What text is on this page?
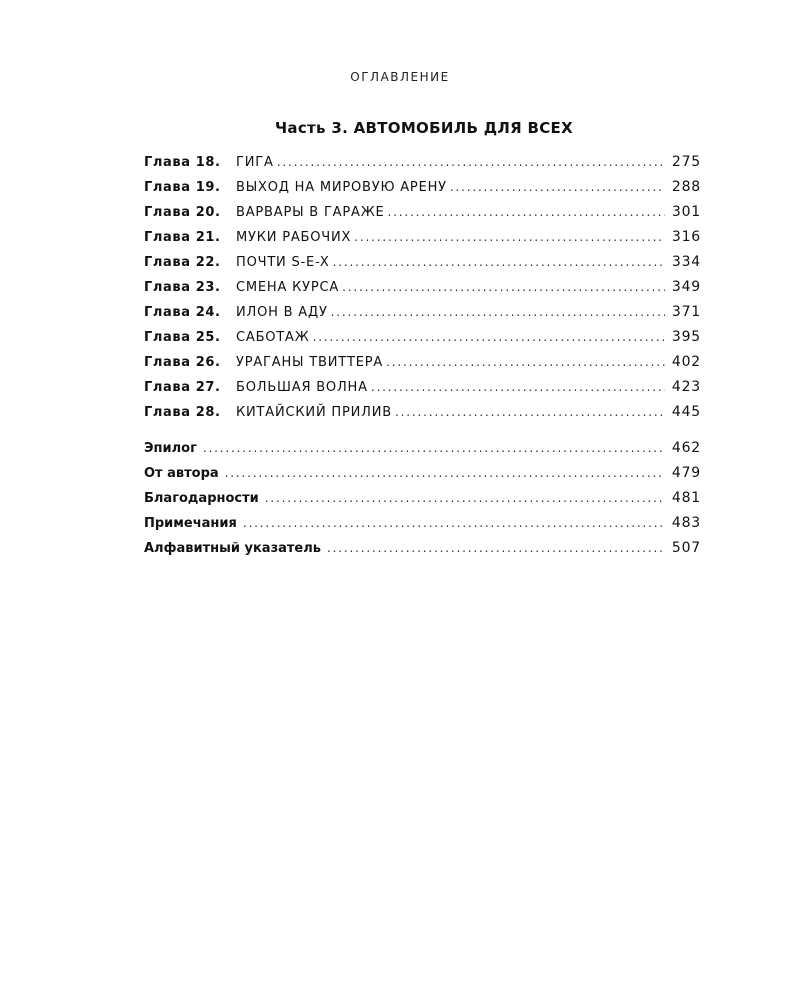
ОГЛАВЛЕНИЕ
Часть 3. АВТОМОБИЛЬ ДЛЯ ВСЕХ
Глава 18.	ГИГА . . .	275
Глава 19.	ВЫХОД НА МИРОВУЮ АРЕНУ . . .	288
Глава 20.	ВАРВАРЫ В ГАРАЖЕ . . .	301
Глава 21.	МУКИ РАБОЧИХ . . .	316
Глава 22.	ПОЧТИ S-E-X . . .	334
Глава 23.	СМЕНА КУРСА . . .	349
Глава 24.	ИЛОН В АДУ . . .	371
Глава 25.	САБОТАЖ . . .	395
Глава 26.	УРАГАНЫ ТВИТТЕРА . . .	402
Глава 27.	БОЛЬШАЯ ВОЛНА . . .	423
Глава 28.	КИТАЙСКИЙ ПРИЛИВ . . .	445
Эпилог . . .	462
От автора . . .	479
Благодарности . . .	481
Примечания . . .	483
Алфавитный указатель . . .	507
